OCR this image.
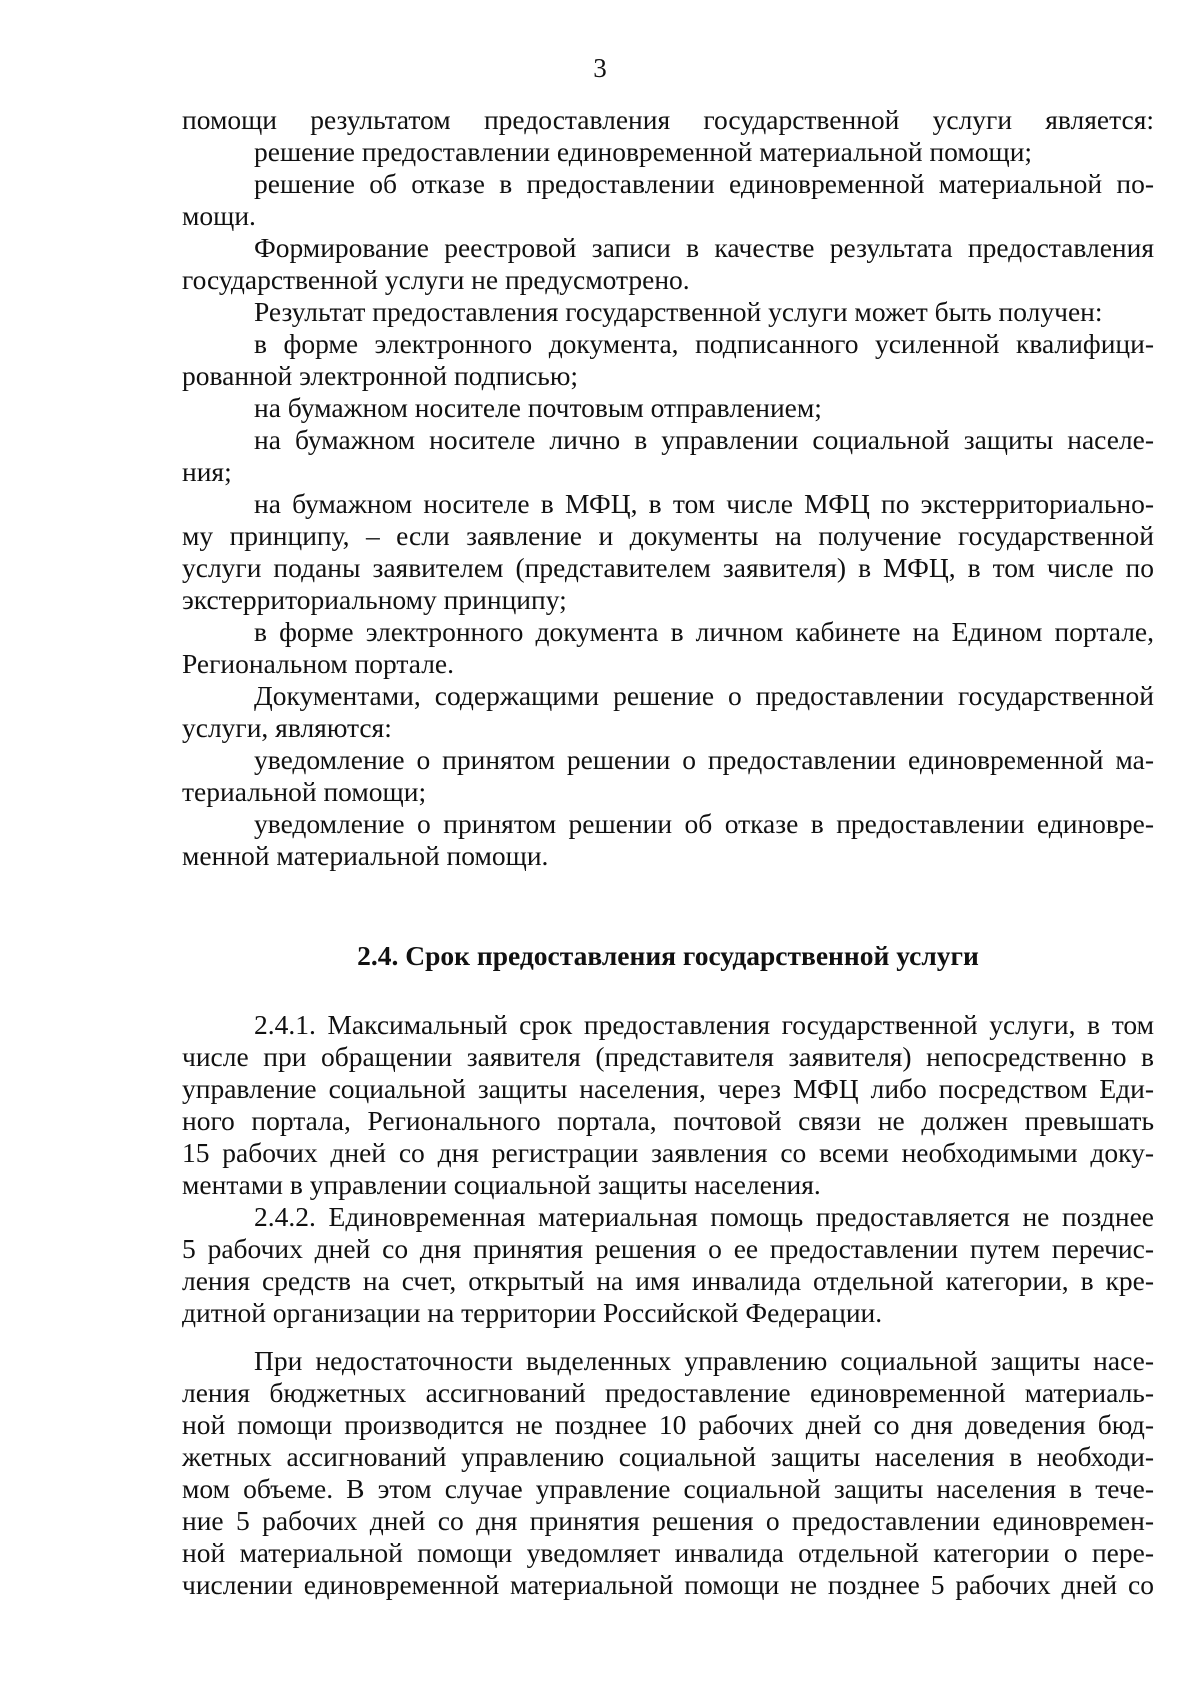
3
помощи результатом предоставления государственной услуги является:
решение предоставлении единовременной материальной помощи;
решение об отказе в предоставлении единовременной материальной по-
мощи.
Формирование реестровой записи в качестве результата предоставления
государственной услуги не предусмотрено.
Результат предоставления государственной услуги может быть получен:
в форме электронного документа, подписанного усиленной квалифици-
рованной электронной подписью;
на бумажном носителе почтовым отправлением;
на бумажном носителе лично в управлении социальной защиты населе-
ния;
на бумажном носителе в МФЦ, в том числе МФЦ по экстерриториально-
му принципу, – если заявление и документы на получение государственной
услуги поданы заявителем (представителем заявителя) в МФЦ, в том числе по
экстерриториальному принципу;
в форме электронного документа в личном кабинете на Едином портале,
Региональном портале.
Документами, содержащими решение о предоставлении государственной
услуги, являются:
уведомление о принятом решении о предоставлении единовременной ма-
териальной помощи;
уведомление о принятом решении об отказе в предоставлении единовре-
менной материальной помощи.
2.4. Срок предоставления государственной услуги
2.4.1. Максимальный срок предоставления государственной услуги, в том
числе при обращении заявителя (представителя заявителя) непосредственно в
управление социальной защиты населения, через МФЦ либо посредством Еди-
ного портала, Регионального портала, почтовой связи не должен превышать
15 рабочих дней со дня регистрации заявления со всеми необходимыми доку-
ментами в управлении социальной защиты населения.
2.4.2. Единовременная материальная помощь предоставляется не позднее
5 рабочих дней со дня принятия решения о ее предоставлении путем перечис-
ления средств на счет, открытый на имя инвалида отдельной категории, в кре-
дитной организации на территории Российской Федерации.
При недостаточности выделенных управлению социальной защиты насе-
ления бюджетных ассигнований предоставление единовременной материаль-
ной помощи производится не позднее 10 рабочих дней со дня доведения бюд-
жетных ассигнований управлению социальной защиты населения в необходи-
мом объеме. В этом случае управление социальной защиты населения в тече-
ние 5 рабочих дней со дня принятия решения о предоставлении единовремен-
ной материальной помощи уведомляет инвалида отдельной категории о пере-
числении единовременной материальной помощи не позднее 5 рабочих дней со
